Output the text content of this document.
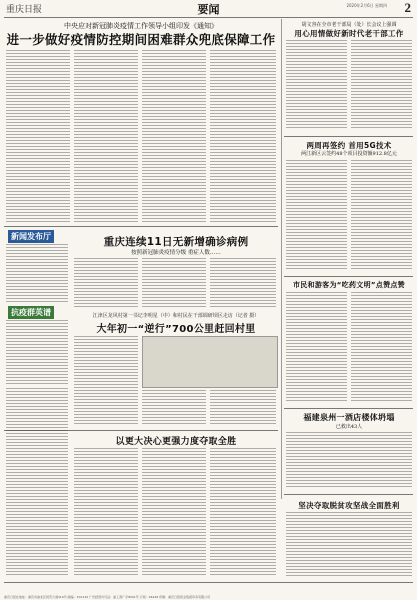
重庆日报	要闻	2020年2月6日 星期四 2
中央应对新冠肺炎疫情工作领导小组印发《通知》
进一步做好疫情防控期间困难群众兜底保障工作
胡文容在全市老干部局（处）长会议上强调
用心用情做好新时代老干部工作
两周再签约 首用5G技术
两江新区云签约48个项目投资额912.8亿元
新闻发布厅
抗疫群英谱
重庆连续11日无新增确诊病例
按照新冠肺炎疫情分级 重症人数……
江津区龙风村第一书记李明星（中）和村民在干部调研坝区走访（记者 摄）
大年初一“逆行”700公里赶回村里
市民和游客为“吃药文明”点赞点赞
福建泉州一酒店楼体坍塌
已救出43人
以更大决心更强力度夺取全胜
坚决夺取脱贫攻坚战全面胜利
重庆日报社地址：重庆市渝北区同茂大道416号 邮编：401120 广告经营许可证：渝工商广字8001号 订阅：96128 印刷：重庆日报报业集团印务有限公司
